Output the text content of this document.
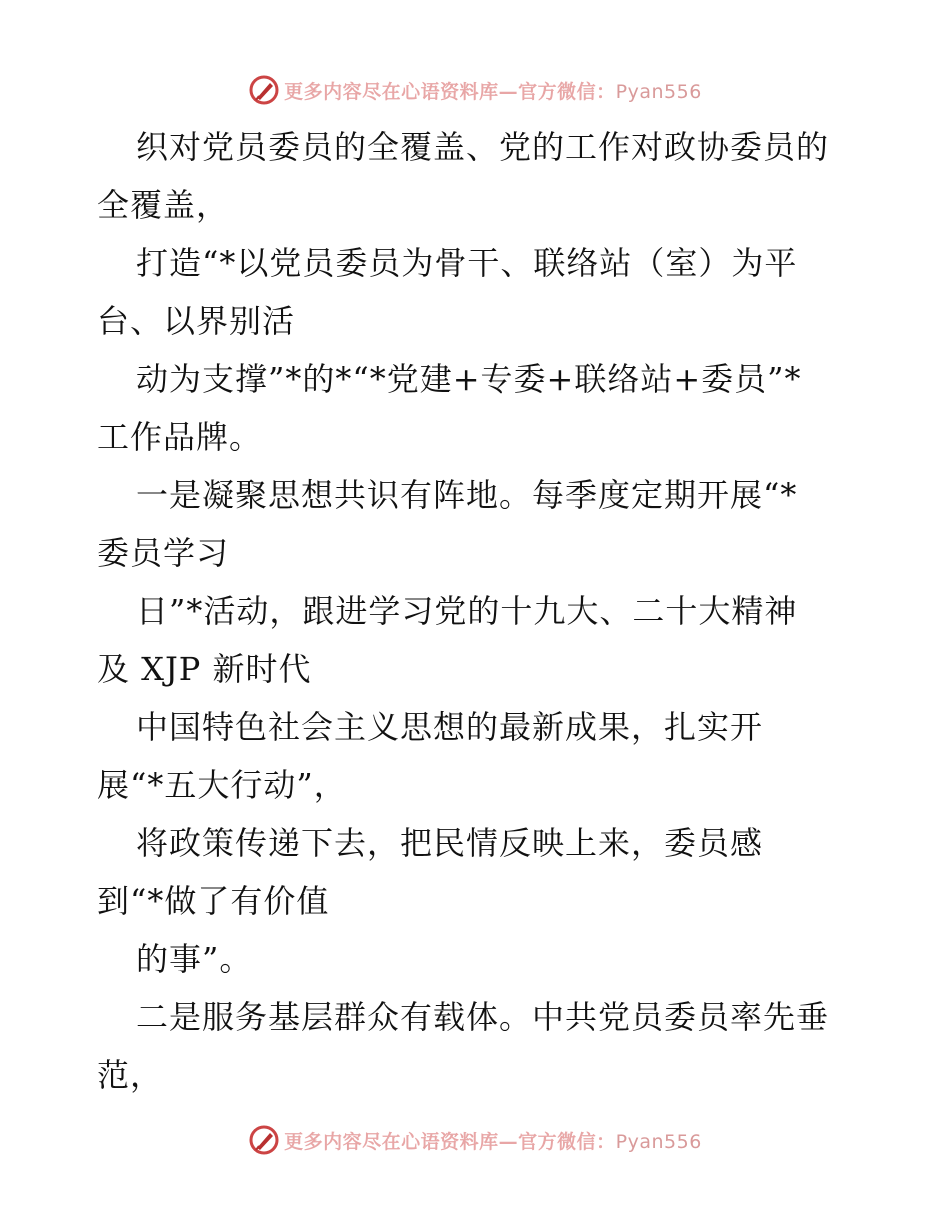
更多内容尽在心语资料库—官方微信：Pyan556
织对党员委员的全覆盖、党的工作对政协委员的
全覆盖，
打造“*以党员委员为骨干、联络站（室）为平
台、以界别活
动为支撑”*的*“*党建+专委+联络站+委员”*
工作品牌。
一是凝聚思想共识有阵地。每季度定期开展“*
委员学习
日”*活动，跟进学习党的十九大、二十大精神
及 XJP 新时代
中国特色社会主义思想的最新成果，扎实开
展“*五大行动”，
将政策传递下去，把民情反映上来，委员感
到“*做了有价值
的事”。
二是服务基层群众有载体。中共党员委员率先垂
范，
更多内容尽在心语资料库—官方微信：Pyan556
